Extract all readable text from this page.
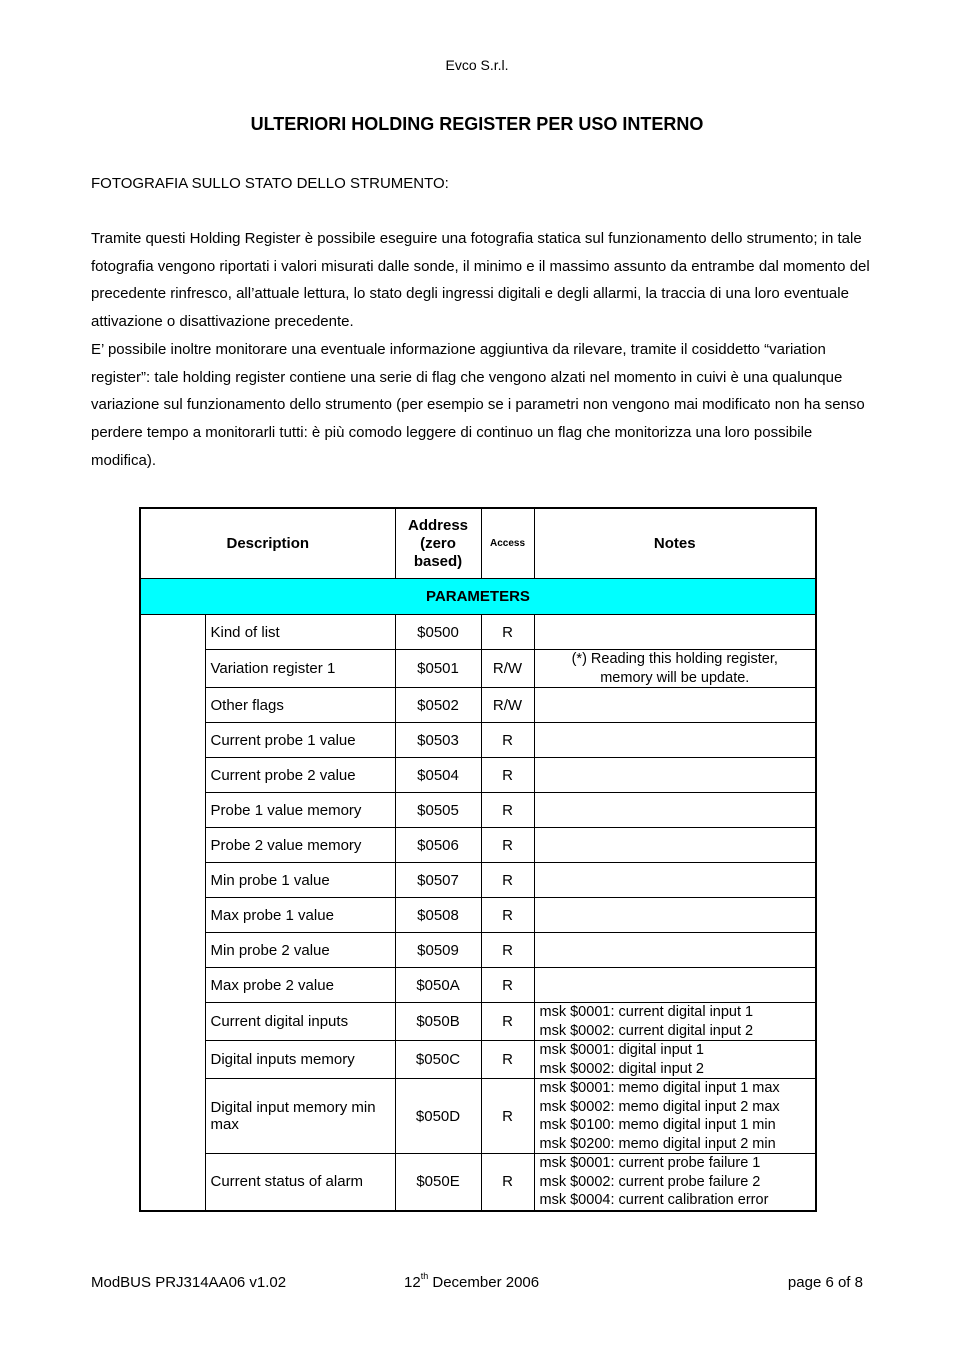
Evco S.r.l.
ULTERIORI HOLDING REGISTER PER USO INTERNO
FOTOGRAFIA SULLO STATO DELLO STRUMENTO:

Tramite questi Holding Register è possibile eseguire una fotografia statica sul funzionamento dello strumento; in tale fotografia vengono riportati i valori misurati dalle sonde, il minimo e il massimo assunto da entrambe dal momento del precedente rinfresco, all’attuale lettura, lo stato degli ingressi digitali e degli allarmi, la traccia di una loro eventuale attivazione o disattivazione precedente.

E’ possibile inoltre monitorare una eventuale informazione aggiuntiva da rilevare, tramite il cosiddetto “variation register”: tale holding register contiene una serie di flag che vengono alzati nel momento in cuivi è una qualunque variazione sul funzionamento dello strumento (per esempio se i parametri non vengono mai modificato non ha senso perdere tempo a monitorarli tutti: è più comodo leggere di continuo un flag che monitorizza una loro possibile modifica).

Description		Address (zero based)	Access	Notes
PARAMETERS				
	Kind of list	$0500	R	
	Variation register 1	$0501	R/W	(*) Reading this holding register,
memory will be update.

	Other flags	$0502	R/W	
	Current probe 1 value	$0503	R	
	Current probe 2 value	$0504	R	
	Probe 1 value memory	$0505	R	
	Probe 2 value memory	$0506	R	
	Min probe 1 value	$0507	R	
	Max probe 1 value	$0508	R	
	Min probe 2 value	$0509	R	
	Max probe 2 value	$050A	R	
	Current digital inputs	$050B	R	msk $0001: current digital input 1
msk $0002: current digital input 2

	Digital inputs memory	$050C	R	msk $0001: digital input 1
msk $0002: digital input 2

	Digital input memory min max	$050D	R	msk $0001: memo digital input 1 max
msk $0002: memo digital input 2 max
msk $0100: memo digital input 1 min
msk $0200: memo digital input 2 min

	Current status of alarm	$050E	R	msk $0001: current probe failure 1
msk $0002: current probe failure 2
msk $0004: current calibration error
ModBUS PRJ314AA06 v1.02	12th December 2006	page 6 of 8
